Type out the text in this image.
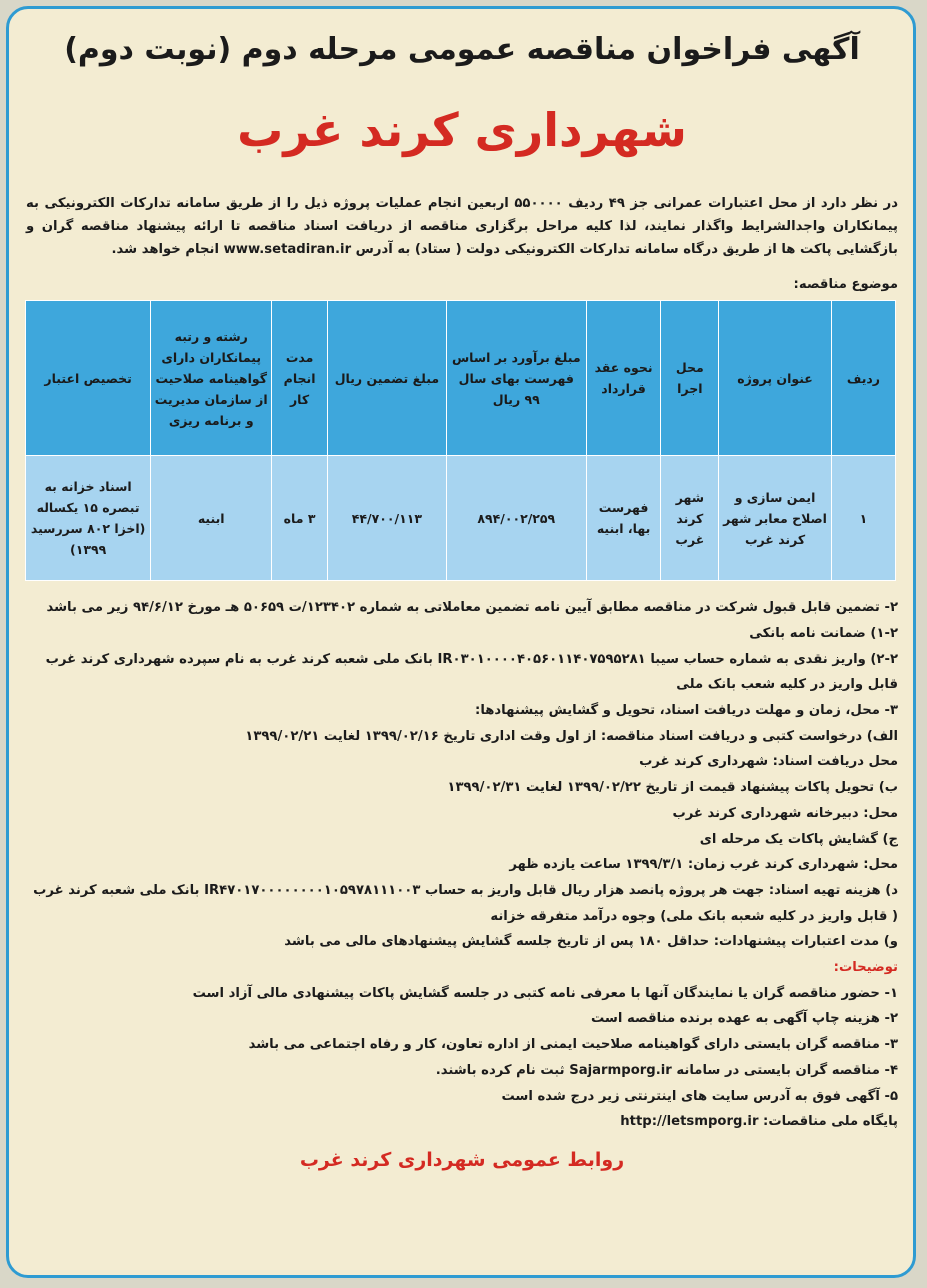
آگهی فراخوان مناقصه عمومی مرحله دوم (نوبت دوم)
شهرداری کرند غرب

در نظر دارد از محل اعتبارات عمرانی جز ۴۹ ردیف ۵۵۰۰۰۰ اربعین انجام عملیات پروژه ذیل را از طریق سامانه تدارکات الکترونیکی به پیمانکاران واجدالشرایط واگذار نمایند، لذا کلیه مراحل برگزاری مناقصه از دریافت اسناد مناقصه تا ارائه پیشنهاد مناقصه گران و بازگشایی پاکت ها از طریق درگاه سامانه تدارکات الکترونیکی دولت ( ستاد) به آدرس www.setadiran.ir انجام خواهد شد.

موضوع مناقصه:
ردیف	عنوان پروژه	محل اجرا	نحوه عقد قرارداد	مبلغ برآورد بر اساس فهرست بهای سال ۹۹ ریال	مبلغ تضمین ریال	مدت انجام کار	رشته و رتبه پیمانکاران دارای گواهینامه صلاحیت از سازمان مدیریت و برنامه ریزی	تخصیص اعتبار
۱	ایمن سازی و اصلاح معابر شهر کرند غرب	شهر کرند غرب	فهرست بها، ابنیه	۸۹۴/۰۰۲/۲۵۹	۴۴/۷۰۰/۱۱۳	۳ ماه	ابنیه	اسناد خزانه به تبصره ۱۵ یکساله (اخزا ۸۰۲ سررسید ۱۳۹۹)

۲- تضمین قابل قبول شرکت در مناقصه مطابق آیین نامه تضمین معاملاتی به شماره ۱۲۳۴۰۲/ت ۵۰۶۵۹ هـ مورخ ۹۴/۶/۱۲ زیر می باشد

۱-۲) ضمانت نامه بانکی

۲-۲) واریز نقدی به شماره حساب سیبا IR۰۳۰۱۰۰۰۰۴۰۵۶۰۱۱۴۰۷۵۹۵۲۸۱ بانک ملی شعبه کرند غرب به نام سپرده شهرداری کرند غرب قابل واریز در کلیه شعب بانک ملی

۳- محل، زمان و مهلت دریافت اسناد، تحویل و گشایش پیشنهادها:

الف) درخواست کتبی و دریافت اسناد مناقصه: از اول وقت اداری تاریخ ۱۳۹۹/۰۲/۱۶ لغایت ۱۳۹۹/۰۲/۲۱

محل دریافت اسناد: شهرداری کرند غرب

ب) تحویل پاکات پیشنهاد قیمت از تاریخ ۱۳۹۹/۰۲/۲۲ لغایت ۱۳۹۹/۰۲/۳۱

محل: دبیرخانه شهرداری کرند غرب

ج) گشایش پاکات یک مرحله ای

محل: شهرداری کرند غرب زمان: ۱۳۹۹/۳/۱ ساعت یازده ظهر

د) هزینه تهیه اسناد: جهت هر پروژه پانصد هزار ریال قابل واریز به حساب IR۴۷۰۱۷۰۰۰۰۰۰۰۰۱۰۵۹۷۸۱۱۱۰۰۳ بانک ملی شعبه کرند غرب ( قابل واریز در کلیه شعبه بانک ملی) وجوه درآمد متفرقه خزانه

و) مدت اعتبارات پیشنهادات: حداقل ۱۸۰ پس از تاریخ جلسه گشایش پیشنهادهای مالی می باشد

توضیحات:

۱- حضور مناقصه گران یا نمایندگان آنها با معرفی نامه کتبی در جلسه گشایش پاکات پیشنهادی مالی آزاد است

۲- هزینه چاپ آگهی به عهده برنده مناقصه است

۳- مناقصه گران بایستی دارای گواهینامه صلاحیت ایمنی از اداره تعاون، کار و رفاه اجتماعی می باشد

۴- مناقصه گران بایستی در سامانه Sajarmporg.ir ثبت نام کرده باشند.

۵- آگهی فوق به آدرس سایت های اینترنتی زیر درج شده است

پایگاه ملی مناقصات: http://letsmporg.ir

روابط عمومی شهرداری کرند غرب
